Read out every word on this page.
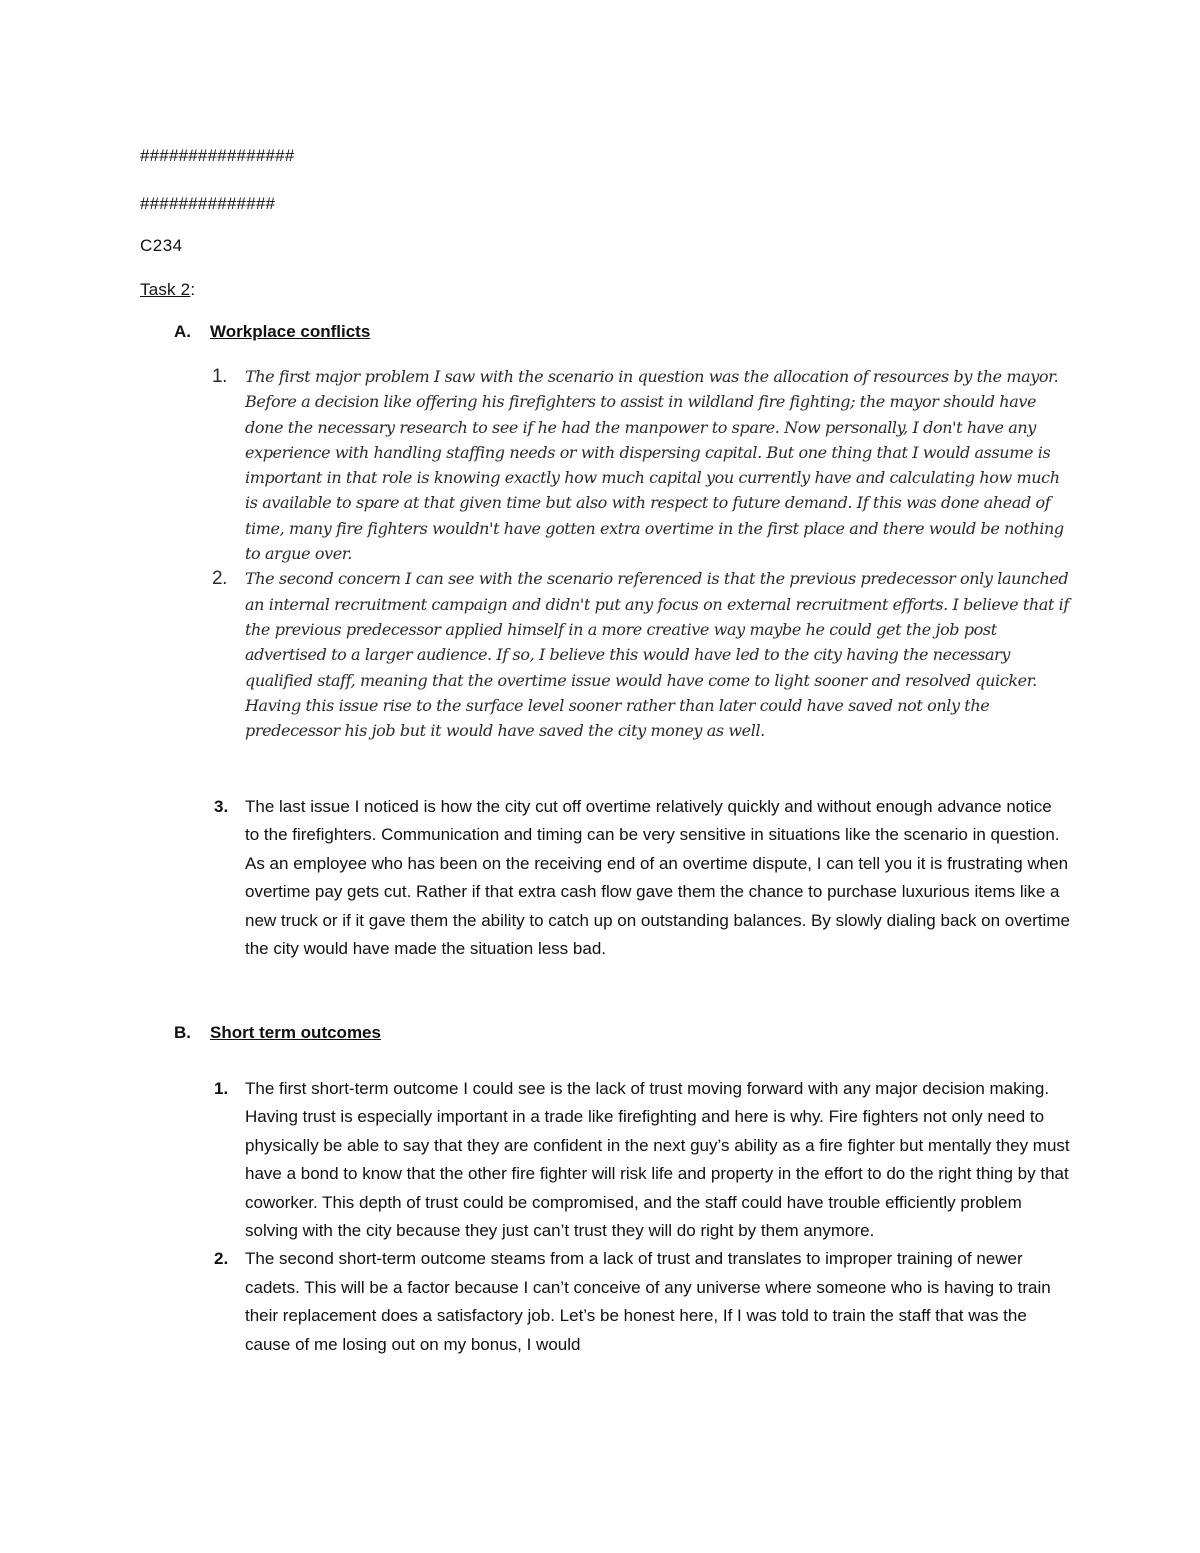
################
##############
C234
Task 2:
A. Workplace conflicts
1. The first major problem I saw with the scenario in question was the allocation of resources by the mayor. Before a decision like offering his firefighters to assist in wildland fire fighting; the mayor should have done the necessary research to see if he had the manpower to spare. Now personally, I don't have any experience with handling staffing needs or with dispersing capital. But one thing that I would assume is important in that role is knowing exactly how much capital you currently have and calculating how much is available to spare at that given time but also with respect to future demand. If this was done ahead of time, many fire fighters wouldn't have gotten extra overtime in the first place and there would be nothing to argue over.
2. The second concern I can see with the scenario referenced is that the previous predecessor only launched an internal recruitment campaign and didn't put any focus on external recruitment efforts. I believe that if the previous predecessor applied himself in a more creative way maybe he could get the job post advertised to a larger audience. If so, I believe this would have led to the city having the necessary qualified staff, meaning that the overtime issue would have come to light sooner and resolved quicker. Having this issue rise to the surface level sooner rather than later could have saved not only the predecessor his job but it would have saved the city money as well.
3. The last issue I noticed is how the city cut off overtime relatively quickly and without enough advance notice to the firefighters. Communication and timing can be very sensitive in situations like the scenario in question. As an employee who has been on the receiving end of an overtime dispute, I can tell you it is frustrating when overtime pay gets cut. Rather if that extra cash flow gave them the chance to purchase luxurious items like a new truck or if it gave them the ability to catch up on outstanding balances. By slowly dialing back on overtime the city would have made the situation less bad.
B. Short term outcomes
1. The first short-term outcome I could see is the lack of trust moving forward with any major decision making. Having trust is especially important in a trade like firefighting and here is why. Fire fighters not only need to physically be able to say that they are confident in the next guy’s ability as a fire fighter but mentally they must have a bond to know that the other fire fighter will risk life and property in the effort to do the right thing by that coworker. This depth of trust could be compromised, and the staff could have trouble efficiently problem solving with the city because they just can’t trust they will do right by them anymore.
2. The second short-term outcome steams from a lack of trust and translates to improper training of newer cadets. This will be a factor because I can’t conceive of any universe where someone who is having to train their replacement does a satisfactory job. Let’s be honest here, If I was told to train the staff that was the cause of me losing out on my bonus, I would
